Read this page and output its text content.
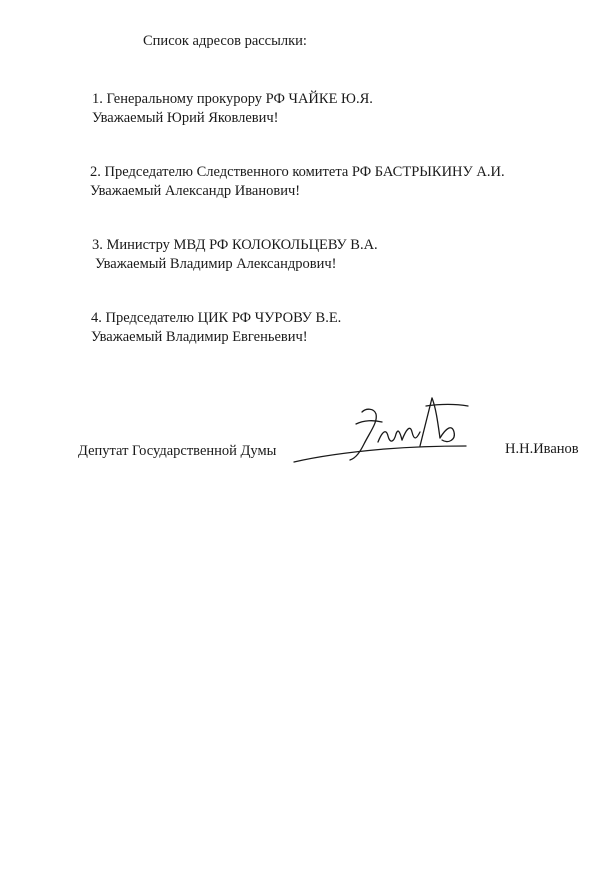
Список адресов рассылки:
1. Генеральному прокурору РФ ЧАЙКЕ Ю.Я.
Уважаемый Юрий Яковлевич!
2. Председателю Следственного комитета РФ БАСТРЫКИНУ А.И.
Уважаемый Александр Иванович!
3. Министру МВД РФ КОЛОКОЛЬЦЕВУ В.А.
Уважаемый Владимир Александрович!
4. Председателю ЦИК РФ ЧУРОВУ В.Е.
Уважаемый Владимир Евгеньевич!
Депутат Государственной Думы	Н.Н.Иванов
